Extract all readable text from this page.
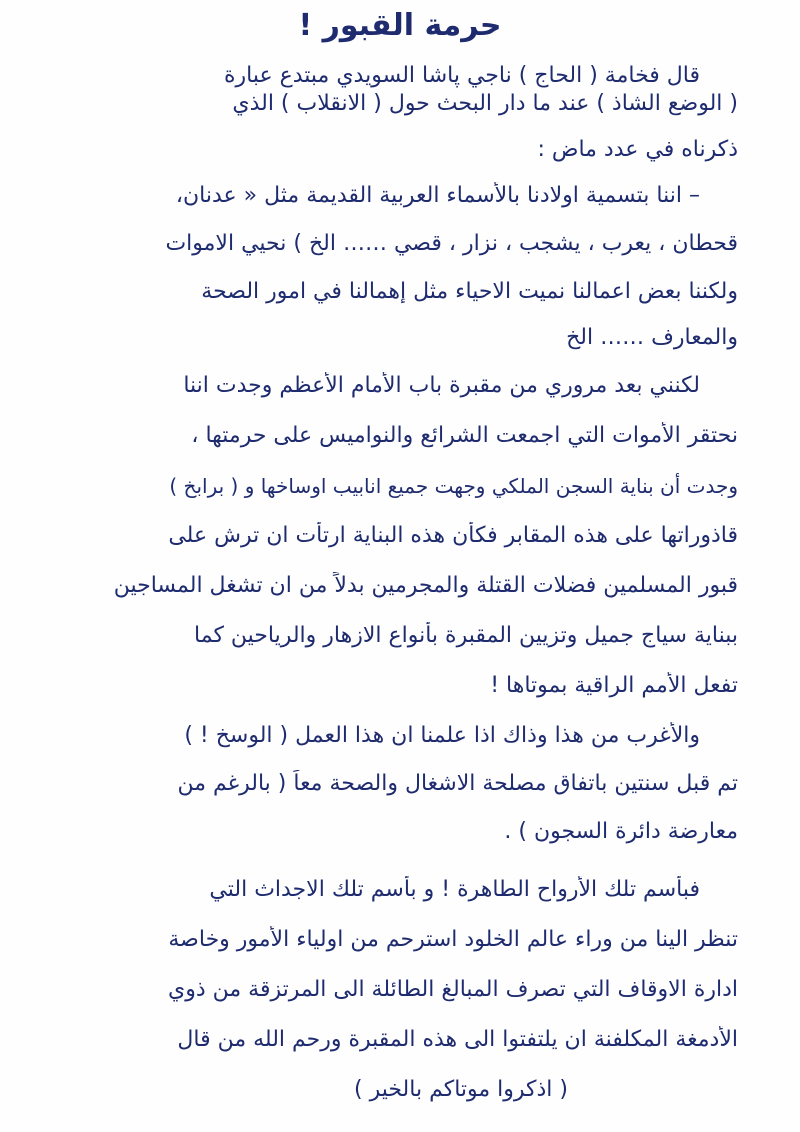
حرمة القبور !
قال فخامة ( الحاج ) ناجي پاشا السويدي مبتدع عبارة
( الوضع الشاذ ) عند ما دار البحث حول ( الانقلاب ) الذي
ذكرناه في عدد ماض :
– اننا بتسمية اولادنا بالأسماء العربية القديمة مثل « عدنان،
قحطان ، يعرب ، يشجب ، نزار ، قصي …… الخ ) نحيي الاموات
ولكننا بعض اعمالنا نميت الاحياء مثل إهمالنا في امور الصحة
والمعارف …… الخ
لكنني بعد مروري من مقبرة باب الأمام الأعظم وجدت اننا
نحتقر الأموات التي اجمعت الشرائع والنواميس على حرمتها ،
وجدت أن بناية السجن الملكي وجهت جميع انابيب اوساخها و ( برابخ )
قاذوراتها على هذه المقابر فكأن هذه البناية ارتأت ان ترش على
قبور المسلمين فضلات القتلة والمجرمين بدلاً من ان تشغل المساجين
ببناية سياج جميل وتزيين المقبرة بأنواع الازهار والرياحين كما
تفعل الأمم الراقية بموتاها !
والأغرب من هذا وذاك اذا علمنا ان هذا العمل ( الوسخ ! )
تم قبل سنتين باتفاق مصلحة الاشغال والصحة معاً ( بالرغم من
معارضة دائرة السجون ) .
فبأسم تلك الأرواح الطاهرة ! و بأسم تلك الاجداث التي
تنظر الينا من وراء عالم الخلود استرحم من اولياء الأمور وخاصة
ادارة الاوقاف التي تصرف المبالغ الطائلة الى المرتزقة من ذوي
الأدمغة المكلفنة ان يلتفتوا الى هذه المقبرة ورحم الله من قال
( اذكروا موتاكم بالخير )
